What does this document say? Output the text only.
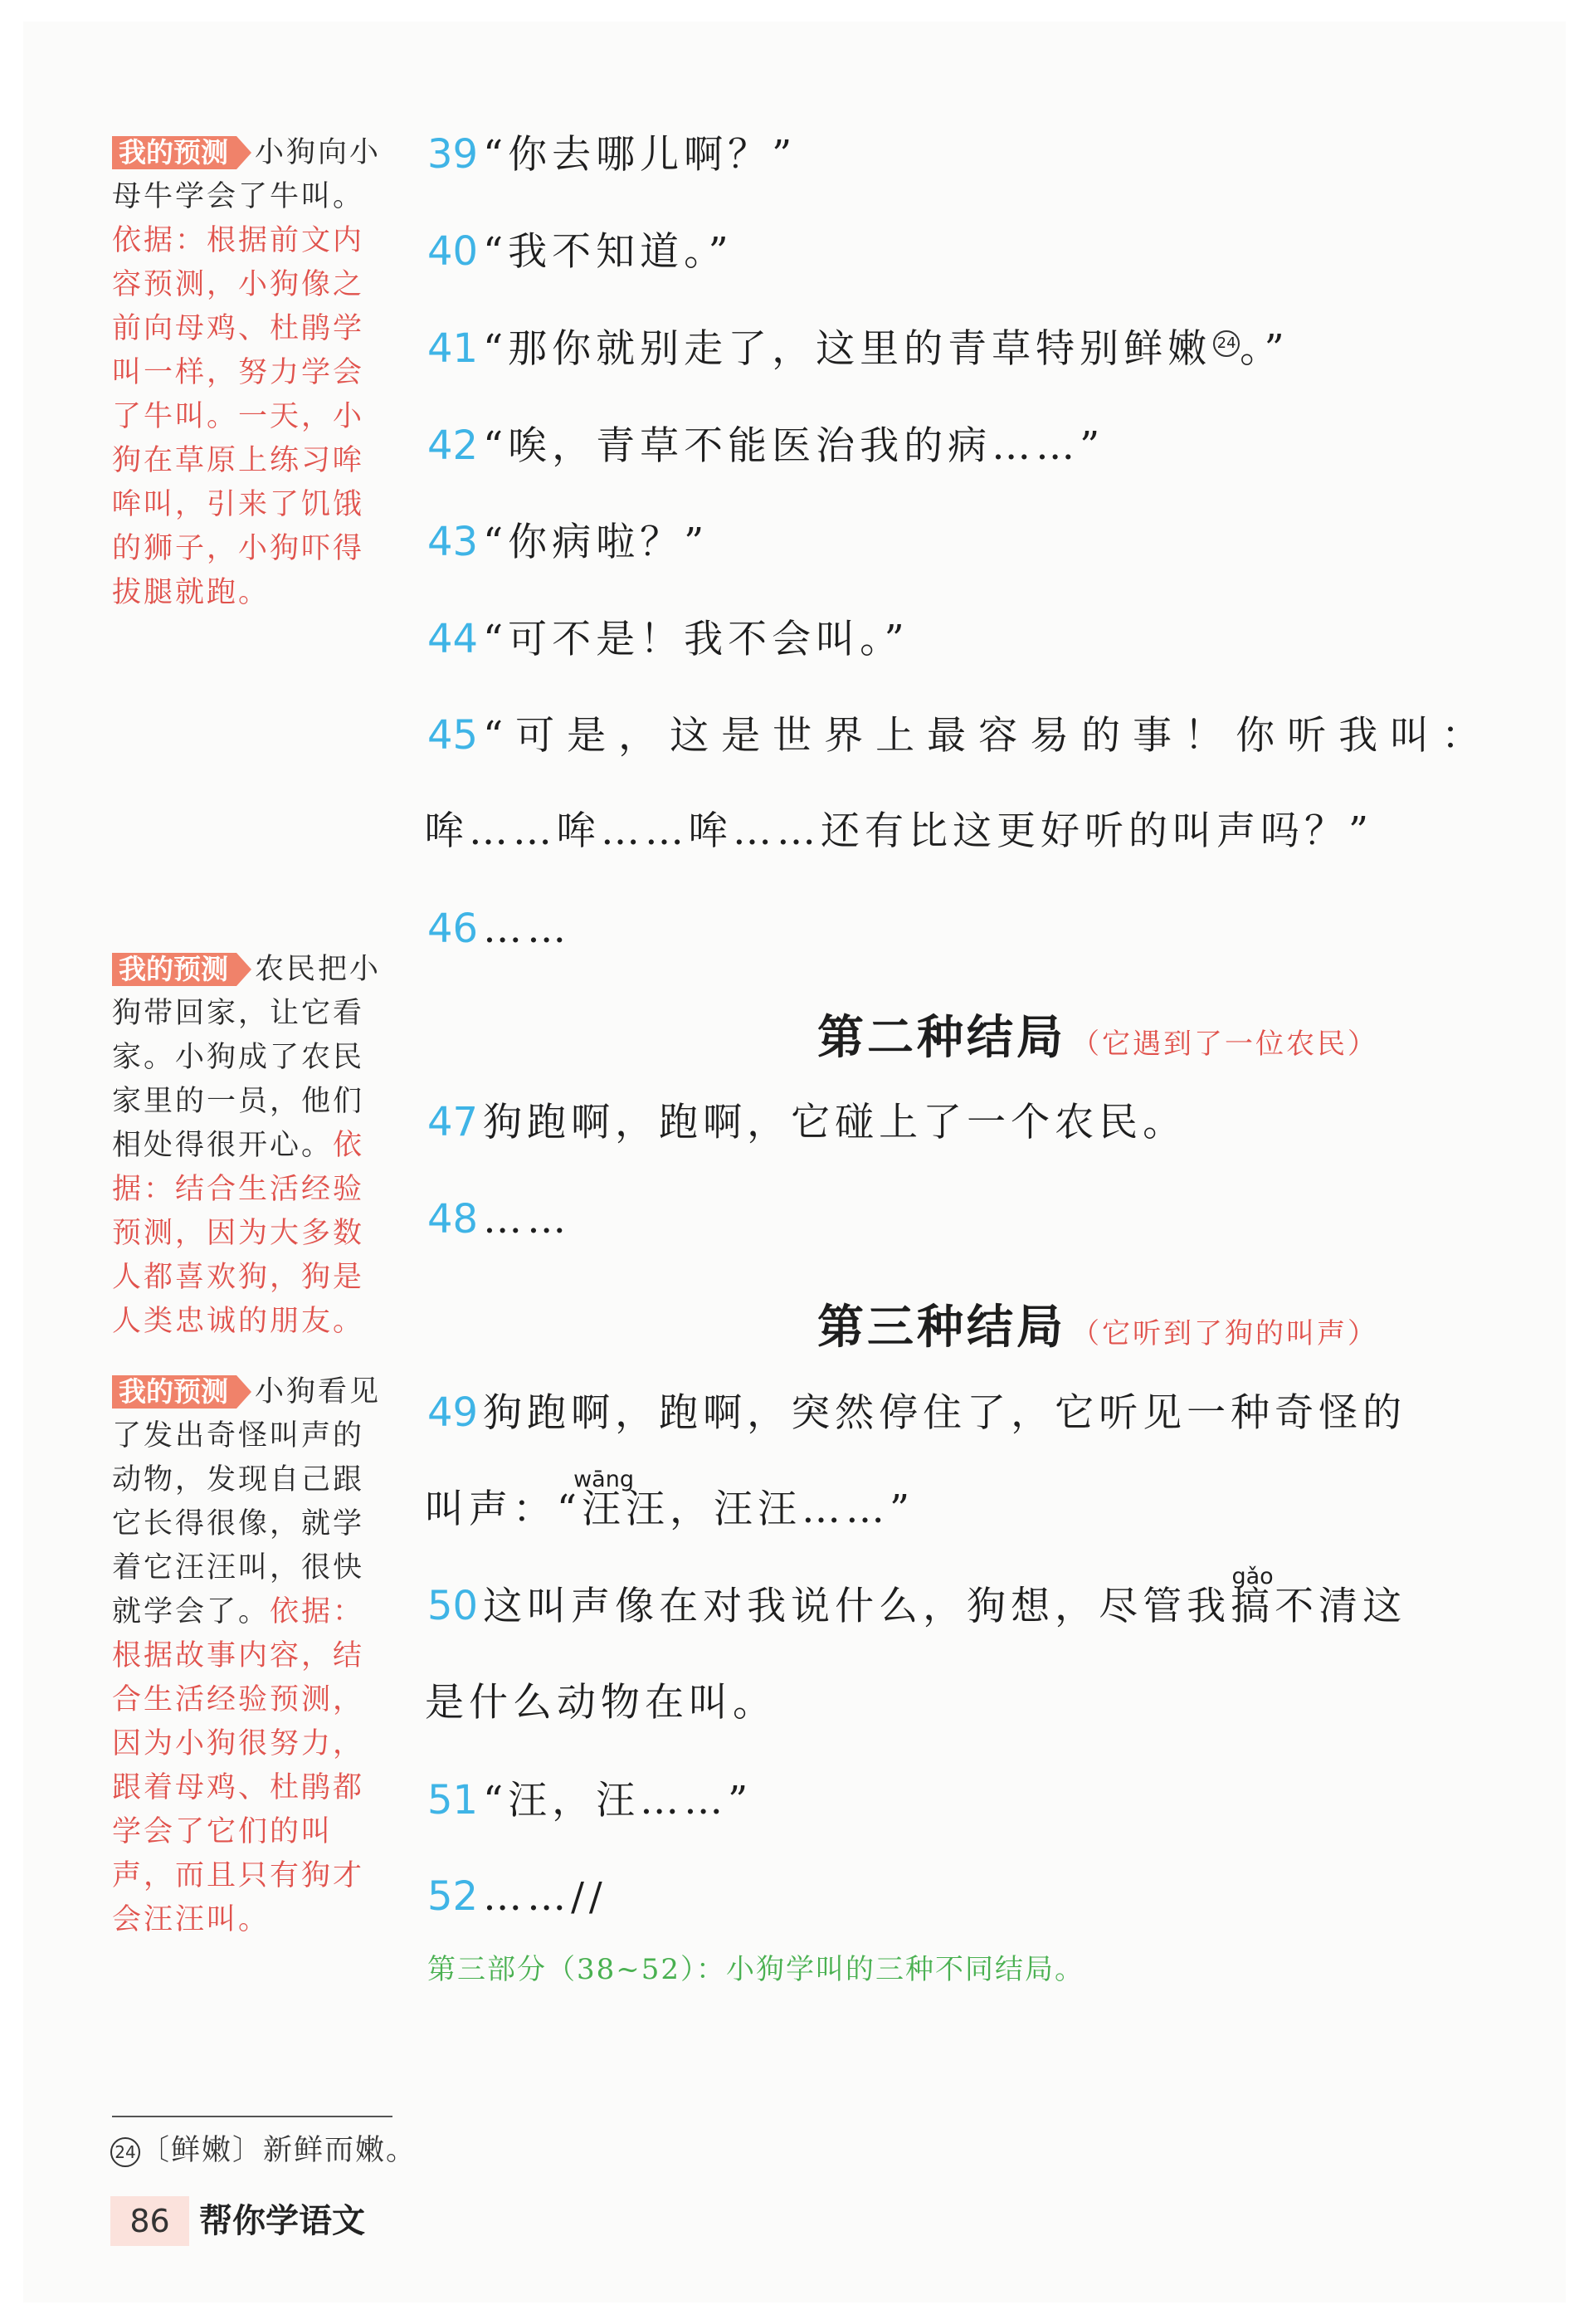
我的预测 小狗向小母牛学会了牛叫。依据：根据前文内容预测，小狗像之前向母鸡、杜鹃学叫一样，努力学会了牛叫。一天，小狗在草原上练习哞哞叫，引来了饥饿的狮子，小狗吓得拔腿就跑。
我的预测 农民把小狗带回家，让它看家。小狗成了农民家里的一员，他们相处得很开心。依据：结合生活经验预测，因为大多数人都喜欢狗，狗是人类忠诚的朋友。
我的预测 小狗看见了发出奇怪叫声的动物，发现自己跟它长得很像，就学着它汪汪叫，很快就学会了。依据：根据故事内容，结合生活经验预测，因为小狗很努力，跟着母鸡、杜鹃都学会了它们的叫声，而且只有狗才会汪汪叫。
39 “你去哪儿啊？”
40 “我不知道。”
41 “那你就别走了，这里的青草特别鲜嫩 24。”
42 “唉，青草不能医治我的病……”
43 “你病啦？”
44 “可不是！我不会叫。”
45 “可是，这是世界上最容易的事！你听我叫：
哞……哞……哞……还有比这更好听的叫声吗？”
46 ……
第二种结局 （它遇到了一位农民）
47 狗跑啊，跑啊，它碰上了一个农民。
48 ……
第三种结局 （它听到了狗的叫声）
49 狗跑啊，跑啊，突然停住了，它听见一种奇怪的
叫声：“
wāng
汪汪，汪汪……”
50 这叫声像在对我说什么，狗想，尽管我
gǎo
搞不清这
是什么动物在叫。
51 “汪，汪……”
52 ……//
第三部分（38~52）：小狗学叫的三种不同结局。
24 〔鲜嫩〕新鲜而嫩。
86 帮你学语文
